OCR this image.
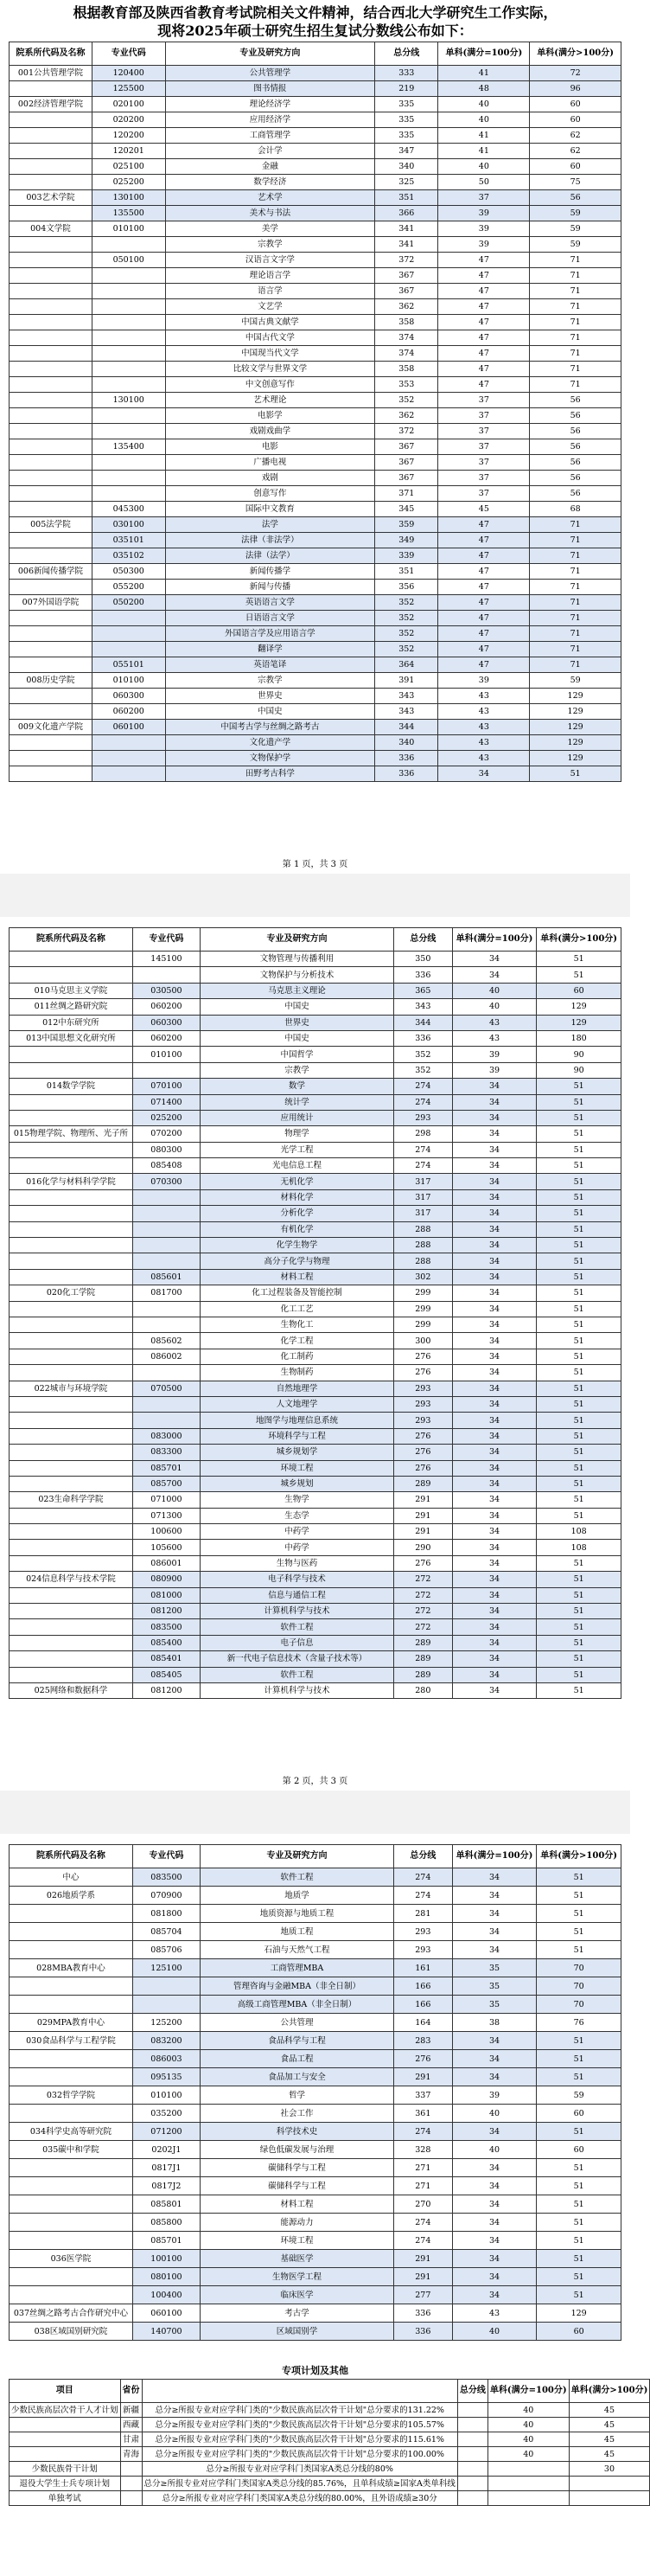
根据教育部及陕西省教育考试院相关文件精神，结合西北大学研究生工作实际，
现将2025年硕士研究生招生复试分数线公布如下：
院系所代码及名称	专业代码	专业及研究方向	总分线	单科(满分=100分)	单科(满分>100分)
001公共管理学院	120400	公共管理学	333	41	72
	125500	图书情报	219	48	96
002经济管理学院	020100	理论经济学	335	40	60
	020200	应用经济学	335	40	60
	120200	工商管理学	335	41	62
	120201	会计学	347	41	62
	025100	金融	340	40	60
	025200	数学经济	325	50	75
003艺术学院	130100	艺术学	351	37	56
	135500	美术与书法	366	39	59
004文学院	010100	美学	341	39	59
		宗教学	341	39	59
	050100	汉语言文字学	372	47	71
		理论语言学	367	47	71
		语言学	367	47	71
		文艺学	362	47	71
		中国古典文献学	358	47	71
		中国古代文学	374	47	71
		中国现当代文学	374	47	71
		比较文学与世界文学	358	47	71
		中文创意写作	353	47	71
	130100	艺术理论	352	37	56
		电影学	362	37	56
		戏剧戏曲学	372	37	56
	135400	电影	367	37	56
		广播电视	367	37	56
		戏剧	367	37	56
		创意写作	371	37	56
	045300	国际中文教育	345	45	68
005法学院	030100	法学	359	47	71
	035101	法律（非法学）	349	47	71
	035102	法律（法学）	339	47	71
006新闻传播学院	050300	新闻传播学	351	47	71
	055200	新闻与传播	356	47	71
007外国语学院	050200	英语语言文学	352	47	71
		日语语言文学	352	47	71
		外国语言学及应用语言学	352	47	71
		翻译学	352	47	71
	055101	英语笔译	364	47	71
008历史学院	010100	宗教学	391	39	59
	060300	世界史	343	43	129
	060200	中国史	343	43	129
009文化遗产学院	060100	中国考古学与丝绸之路考古	344	43	129
		文化遗产学	340	43	129
		文物保护学	336	43	129
		田野考古科学	336	34	51
第 1 页，共 3 页
院系所代码及名称	专业代码	专业及研究方向	总分线	单科(满分=100分)	单科(满分>100分)
	145100	文物管理与传播利用	350	34	51
		文物保护与分析技术	336	34	51
010马克思主义学院	030500	马克思主义理论	365	40	60
011丝绸之路研究院	060200	中国史	343	40	129
012中东研究所	060300	世界史	344	43	129
013中国思想文化研究所	060200	中国史	336	43	180
	010100	中国哲学	352	39	90
		宗教学	352	39	90
014数学学院	070100	数学	274	34	51
	071400	统计学	274	34	51
	025200	应用统计	293	34	51
015物理学院、物理所、光子所	070200	物理学	298	34	51
	080300	光学工程	274	34	51
	085408	光电信息工程	274	34	51
016化学与材料科学学院	070300	无机化学	317	34	51
		材料化学	317	34	51
		分析化学	317	34	51
		有机化学	288	34	51
		化学生物学	288	34	51
		高分子化学与物理	288	34	51
	085601	材料工程	302	34	51
020化工学院	081700	化工过程装备及智能控制	299	34	51
		化工工艺	299	34	51
		生物化工	299	34	51
	085602	化学工程	300	34	51
	086002	化工制药	276	34	51
		生物制药	276	34	51
022城市与环境学院	070500	自然地理学	293	34	51
		人文地理学	293	34	51
		地图学与地理信息系统	293	34	51
	083000	环境科学与工程	276	34	51
	083300	城乡规划学	276	34	51
	085701	环境工程	276	34	51
	085700	城乡规划	289	34	51
023生命科学学院	071000	生物学	291	34	51
	071300	生态学	291	34	51
	100600	中药学	291	34	108
	105600	中药学	290	34	108
	086001	生物与医药	276	34	51
024信息科学与技术学院	080900	电子科学与技术	272	34	51
	081000	信息与通信工程	272	34	51
	081200	计算机科学与技术	272	34	51
	083500	软件工程	272	34	51
	085400	电子信息	289	34	51
	085401	新一代电子信息技术（含量子技术等）	289	34	51
	085405	软件工程	289	34	51
025网络和数据科学	081200	计算机科学与技术	280	34	51
第 2 页，共 3 页
院系所代码及名称	专业代码	专业及研究方向	总分线	单科(满分=100分)	单科(满分>100分)
中心	083500	软件工程	274	34	51
026地质学系	070900	地质学	274	34	51
	081800	地质资源与地质工程	281	34	51
	085704	地质工程	293	34	51
	085706	石油与天然气工程	293	34	51
028MBA教育中心	125100	工商管理MBA	161	35	70
		管理咨询与金融MBA（非全日制）	166	35	70
		高级工商管理MBA（非全日制）	166	35	70
029MPA教育中心	125200	公共管理	164	38	76
030食品科学与工程学院	083200	食品科学与工程	283	34	51
	086003	食品工程	276	34	51
	095135	食品加工与安全	291	34	51
032哲学学院	010100	哲学	337	39	59
	035200	社会工作	361	40	60
034科学史高等研究院	071200	科学技术史	274	34	51
035碳中和学院	0202J1	绿色低碳发展与治理	328	40	60
	0817J1	碳储科学与工程	271	34	51
	0817J2	碳储科学与工程	271	34	51
	085801	材料工程	270	34	51
	085800	能源动力	274	34	51
	085701	环境工程	274	34	51
036医学院	100100	基础医学	291	34	51
	080100	生物医学工程	291	34	51
	100400	临床医学	277	34	51
037丝绸之路考古合作研究中心	060100	考古学	336	43	129
038区域国别研究院	140700	区域国别学	336	40	60
专项计划及其他
项目	省份		总分线	单科(满分=100分)	单科(满分>100分)
少数民族高层次骨干人才计划	新疆	总分≥所报专业对应学科门类的"少数民族高层次骨干计划"总分要求的131.22%		40	45
	西藏	总分≥所报专业对应学科门类的"少数民族高层次骨干计划"总分要求的105.57%		40	45
	甘肃	总分≥所报专业对应学科门类的"少数民族高层次骨干计划"总分要求的115.61%		40	45
	青海	总分≥所报专业对应学科门类的"少数民族高层次骨干计划"总分要求的100.00%		40	45
少数民族骨干计划		总分≥所报专业对应学科门类国家A类总分线的80%			30
退役大学生士兵专项计划		总分≥所报专业对应学科门类国家A类总分线的85.76%，且单科成绩≥国家A类单科线			
单独考试		总分≥所报专业对应学科门类国家A类总分线的80.00%，且外语成绩≥30分			
